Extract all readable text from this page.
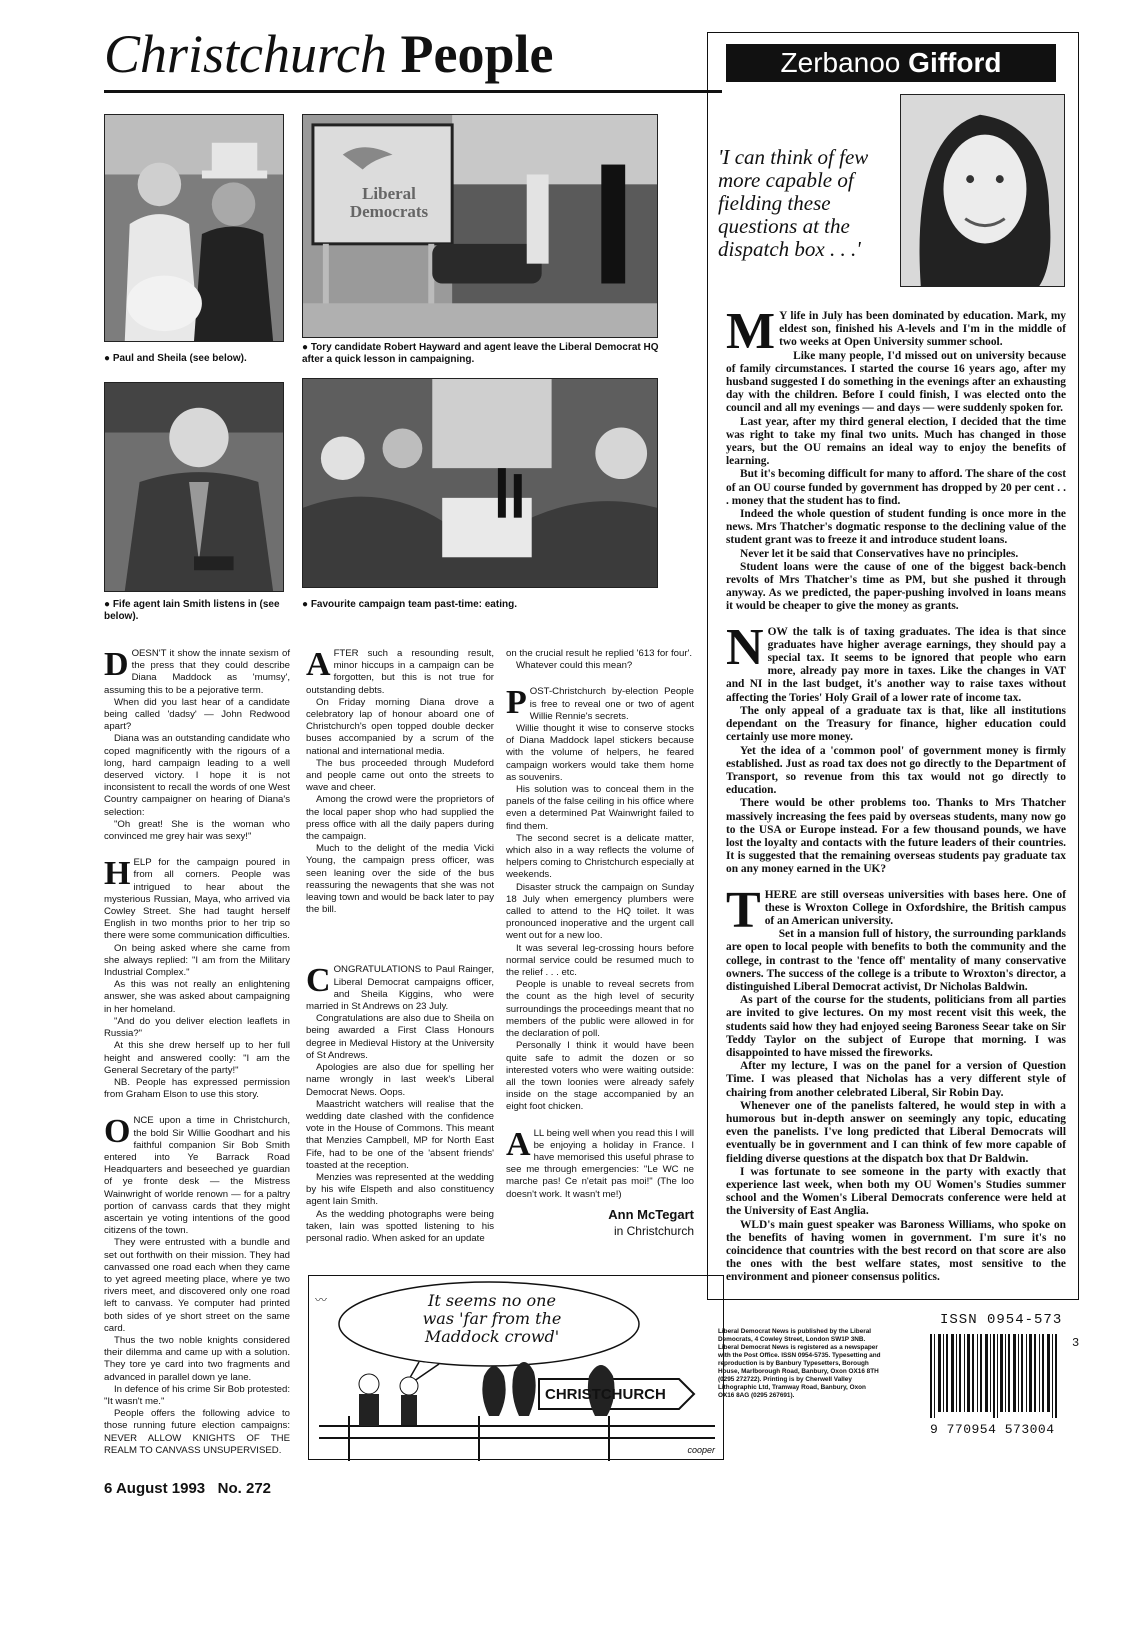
Christchurch People
Liberal
Democrats
● Paul and Sheila (see below).
● Tory candidate Robert Hayward and agent leave the Liberal Democrat HQ after a quick lesson in campaigning.
● Fife agent Iain Smith listens in (see below).
● Favourite campaign team past-time: eating.
D OESN'T it show the innate sexism of the press that they could describe Diana Maddock as 'mumsy', assuming this to be a pejorative term.

When did you last hear of a candidate being called 'dadsy' — John Redwood apart?

Diana was an outstanding candidate who coped magnificently with the rigours of a long, hard campaign leading to a well deserved victory. I hope it is not inconsistent to recall the words of one West Country campaigner on hearing of Diana's selection:

"Oh great! She is the woman who convinced me grey hair was sexy!"

H ELP for the campaign poured in from all corners. People was intrigued to hear about the mysterious Russian, Maya, who arrived via Cowley Street. She had taught herself English in two months prior to her trip so there were some communication difficulties.

On being asked where she came from she always replied: "I am from the Military Industrial Complex."

As this was not really an enlightening answer, she was asked about campaigning in her homeland.

"And do you deliver election leaflets in Russia?"

At this she drew herself up to her full height and answered coolly: "I am the General Secretary of the party!"

NB. People has expressed permission from Graham Elson to use this story.

O NCE upon a time in Christchurch, the bold Sir Willie Goodhart and his faithful companion Sir Bob Smith entered into Ye Barrack Road Headquarters and beseeched ye guardian of ye fronte desk — the Mistress Wainwright of worlde renown — for a paltry portion of canvass cards that they might ascertain ye voting intentions of the good citizens of the town.

They were entrusted with a bundle and set out forthwith on their mission. They had canvassed one road each when they came to yet agreed meeting place, where ye two rivers meet, and discovered only one road left to canvass. Ye computer had printed both sides of ye short street on the same card.

Thus the two noble knights considered their dilemma and came up with a solution. They tore ye card into two fragments and advanced in parallel down ye lane.

In defence of his crime Sir Bob protested: "It wasn't me."

People offers the following advice to those running future election campaigns: NEVER ALLOW KNIGHTS OF THE REALM TO CANVASS UNSUPERVISED.

A FTER such a resounding result, minor hiccups in a campaign can be forgotten, but this is not true for outstanding debts.

On Friday morning Diana drove a celebratory lap of honour aboard one of Christchurch's open topped double decker buses accompanied by a scrum of the national and international media.

The bus proceeded through Mudeford and people came out onto the streets to wave and cheer.

Among the crowd were the proprietors of the local paper shop who had supplied the press office with all the daily papers during the campaign.

Much to the delight of the media Vicki Young, the campaign press officer, was seen leaning over the side of the bus reassuring the newagents that she was not leaving town and would be back later to pay the bill.

C ONGRATULATIONS to Paul Rainger, Liberal Democrat campaigns officer, and Sheila Kiggins, who were married in St Andrews on 23 July.

Congratulations are also due to Sheila on being awarded a First Class Honours degree in Medieval History at the University of St Andrews.

Apologies are also due for spelling her name wrongly in last week's Liberal Democrat News. Oops.

Maastricht watchers will realise that the wedding date clashed with the confidence vote in the House of Commons. This meant that Menzies Campbell, MP for North East Fife, had to be one of the 'absent friends' toasted at the reception.

Menzies was represented at the wedding by his wife Elspeth and also constituency agent Iain Smith.

As the wedding photographs were being taken, Iain was spotted listening to his personal radio. When asked for an update

on the crucial result he replied '613 for four'.

Whatever could this mean?

P OST-Christchurch by-election People is free to reveal one or two of agent Willie Rennie's secrets.

Willie thought it wise to conserve stocks of Diana Maddock lapel stickers because with the volume of helpers, he feared campaign workers would take them home as souvenirs.

His solution was to conceal them in the panels of the false ceiling in his office where even a determined Pat Wainwright failed to find them.

The second secret is a delicate matter, which also in a way reflects the volume of helpers coming to Christchurch especially at weekends.

Disaster struck the campaign on Sunday 18 July when emergency plumbers were called to attend to the HQ toilet. It was pronounced inoperative and the urgent call went out for a new loo.

It was several leg-crossing hours before normal service could be resumed much to the relief . . . etc.

People is unable to reveal secrets from the count as the high level of security surroundings the proceedings meant that no members of the public were allowed in for the declaration of poll.

Personally I think it would have been quite safe to admit the dozen or so interested voters who were waiting outside: all the town loonies were already safely inside on the stage accompanied by an eight foot chicken.

A LL being well when you read this I will be enjoying a holiday in France. I have memorised this useful phrase to see me through emergencies: "Le WC ne marche pas! Ce n'etait pas moi!" (The loo doesn't work. It wasn't me!)

Ann McTegart
in Christchurch
〰	It seems no one
was 'far from the
Maddock crowd'
CHRISTCHURCH
cooper
6 August 1993 No. 272
Zerbanoo Gifford
'I can think of few more capable of fielding these questions at the dispatch box . . .'
M Y life in July has been dominated by education. Mark, my eldest son, finished his A-levels and I'm in the middle of two weeks at Open University summer school.

Like many people, I'd missed out on university because of family circumstances. I started the course 16 years ago, after my husband suggested I do something in the evenings after an exhausting day with the children. Before I could finish, I was elected onto the council and all my evenings — and days — were suddenly spoken for.

Last year, after my third general election, I decided that the time was right to take my final two units. Much has changed in those years, but the OU remains an ideal way to enjoy the benefits of learning.

But it's becoming difficult for many to afford. The share of the cost of an OU course funded by government has dropped by 20 per cent . . . money that the student has to find.

Indeed the whole question of student funding is once more in the news. Mrs Thatcher's dogmatic response to the declining value of the student grant was to freeze it and introduce student loans.

Never let it be said that Conservatives have no principles.

Student loans were the cause of one of the biggest back-bench revolts of Mrs Thatcher's time as PM, but she pushed it through anyway. As we predicted, the paper-pushing involved in loans means it would be cheaper to give the money as grants.

N OW the talk is of taxing graduates. The idea is that since graduates have higher average earnings, they should pay a special tax. It seems to be ignored that people who earn more, already pay more in taxes. Like the changes in VAT and NI in the last budget, it's another way to raise taxes without affecting the Tories' Holy Grail of a lower rate of income tax.

The only appeal of a graduate tax is that, like all institutions dependant on the Treasury for finance, higher education could certainly use more money.

Yet the idea of a 'common pool' of government money is firmly established. Just as road tax does not go directly to the Department of Transport, so revenue from this tax would not go directly to education.

There would be other problems too. Thanks to Mrs Thatcher massively increasing the fees paid by overseas students, many now go to the USA or Europe instead. For a few thousand pounds, we have lost the loyalty and contacts with the future leaders of their countries. It is suggested that the remaining overseas students pay graduate tax on any money earned in the UK?

T HERE are still overseas universities with bases here. One of these is Wroxton College in Oxfordshire, the British campus of an American university.

Set in a mansion full of history, the surrounding parklands are open to local people with benefits to both the community and the college, in contrast to the 'fence off' mentality of many conservative owners. The success of the college is a tribute to Wroxton's director, a distinguished Liberal Democrat activist, Dr Nicholas Baldwin.

As part of the course for the students, politicians from all parties are invited to give lectures. On my most recent visit this week, the students said how they had enjoyed seeing Baroness Seear take on Sir Teddy Taylor on the subject of Europe that morning. I was disappointed to have missed the fireworks.

After my lecture, I was on the panel for a version of Question Time. I was pleased that Nicholas has a very different style of chairing from another celebrated Liberal, Sir Robin Day.

Whenever one of the panelists faltered, he would step in with a humorous but in-depth answer on seemingly any topic, educating even the panelists. I've long predicted that Liberal Democrats will eventually be in government and I can think of few more capable of fielding diverse questions at the dispatch box that Dr Baldwin.

I was fortunate to see someone in the party with exactly that experience last week, when both my OU Women's Studies summer school and the Women's Liberal Democrats conference were held at the University of East Anglia.

WLD's main guest speaker was Baroness Williams, who spoke on the benefits of having women in government. I'm sure it's no coincidence that countries with the best record on that score are also the ones with the best welfare states, most sensitive to the environment and pioneer consensus politics.

Liberal Democrat News is published by the Liberal Democrats, 4 Cowley Street, London SW1P 3NB. Liberal Democrat News is registered as a newspaper with the Post Office. ISSN 0954-5735. Typesetting and reproduction is by Banbury Typesetters, Borough House, Marlborough Road, Banbury, Oxon OX16 8TH (0295 272722). Printing is by Cherwell Valley Lithographic Ltd, Tramway Road, Banbury, Oxon OX16 8AG (0295 267691).
ISSN 0954-573
3
9 770954 573004
